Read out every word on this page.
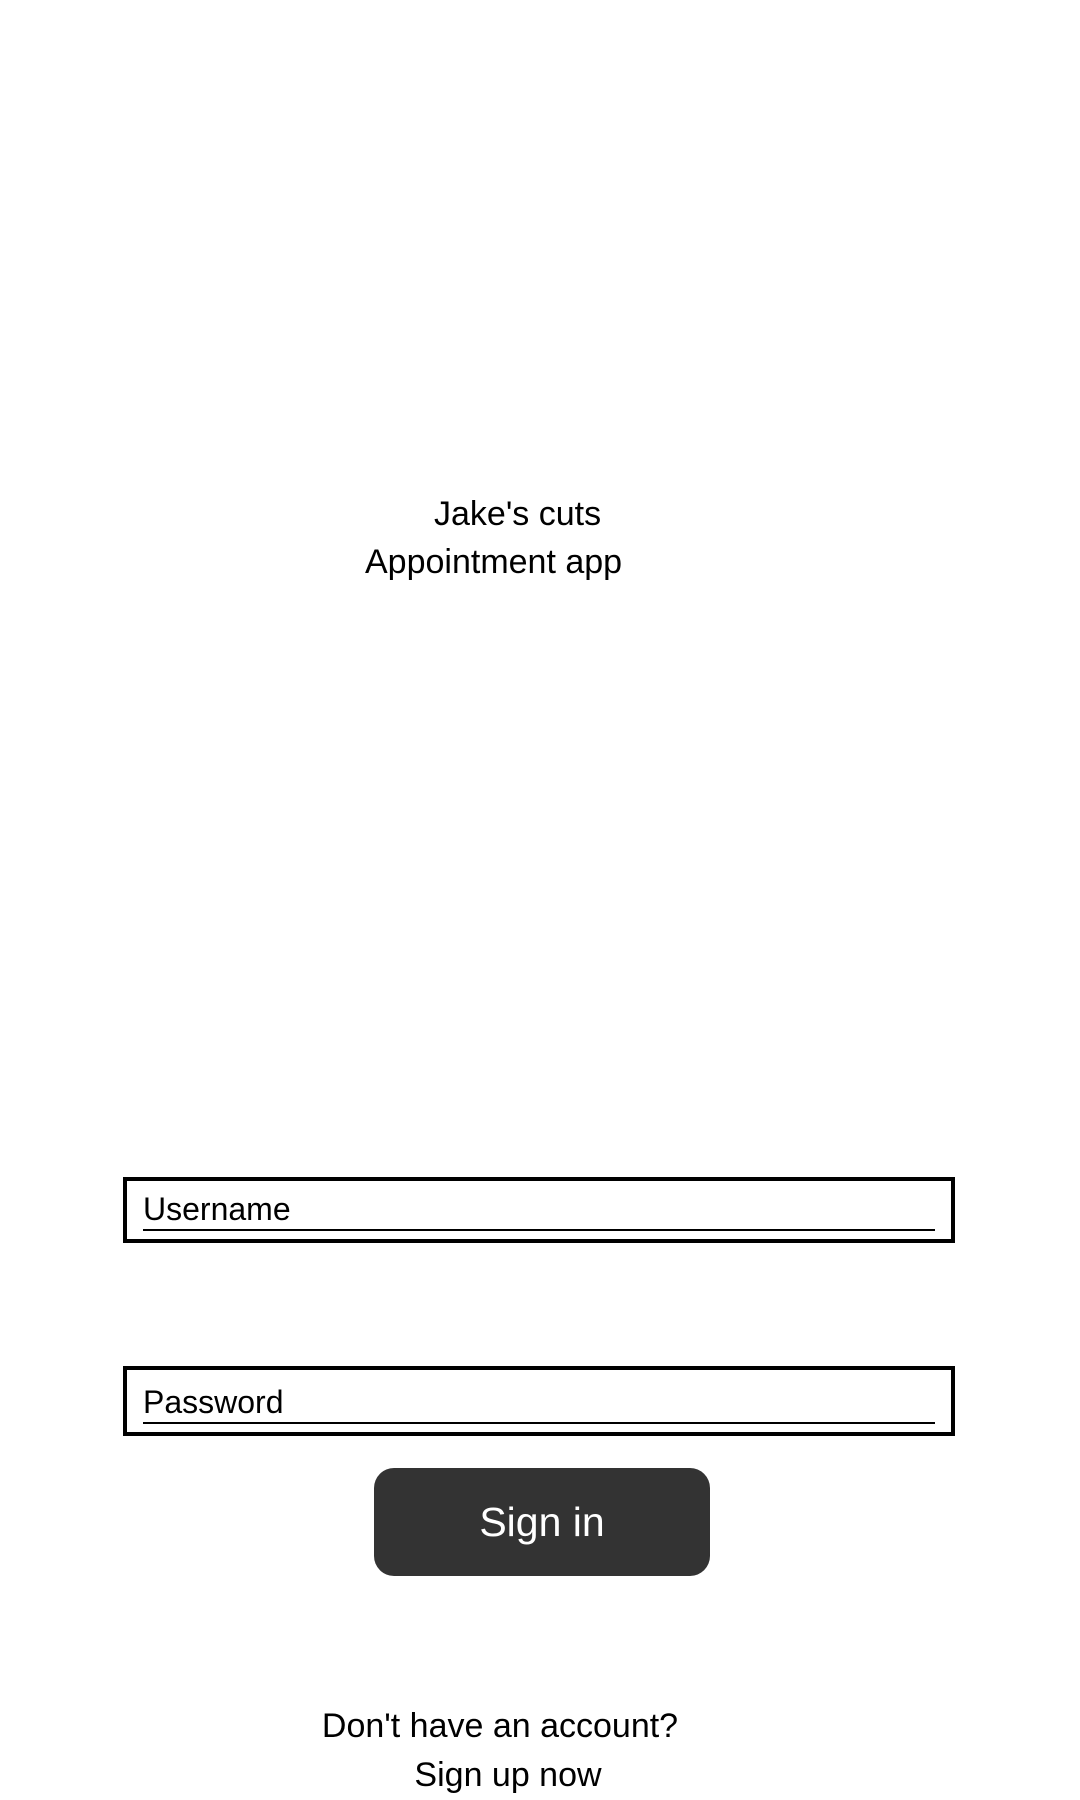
Jake's cuts
Appointment app
Username
Sign in
Don't have an account?
Sign up now
